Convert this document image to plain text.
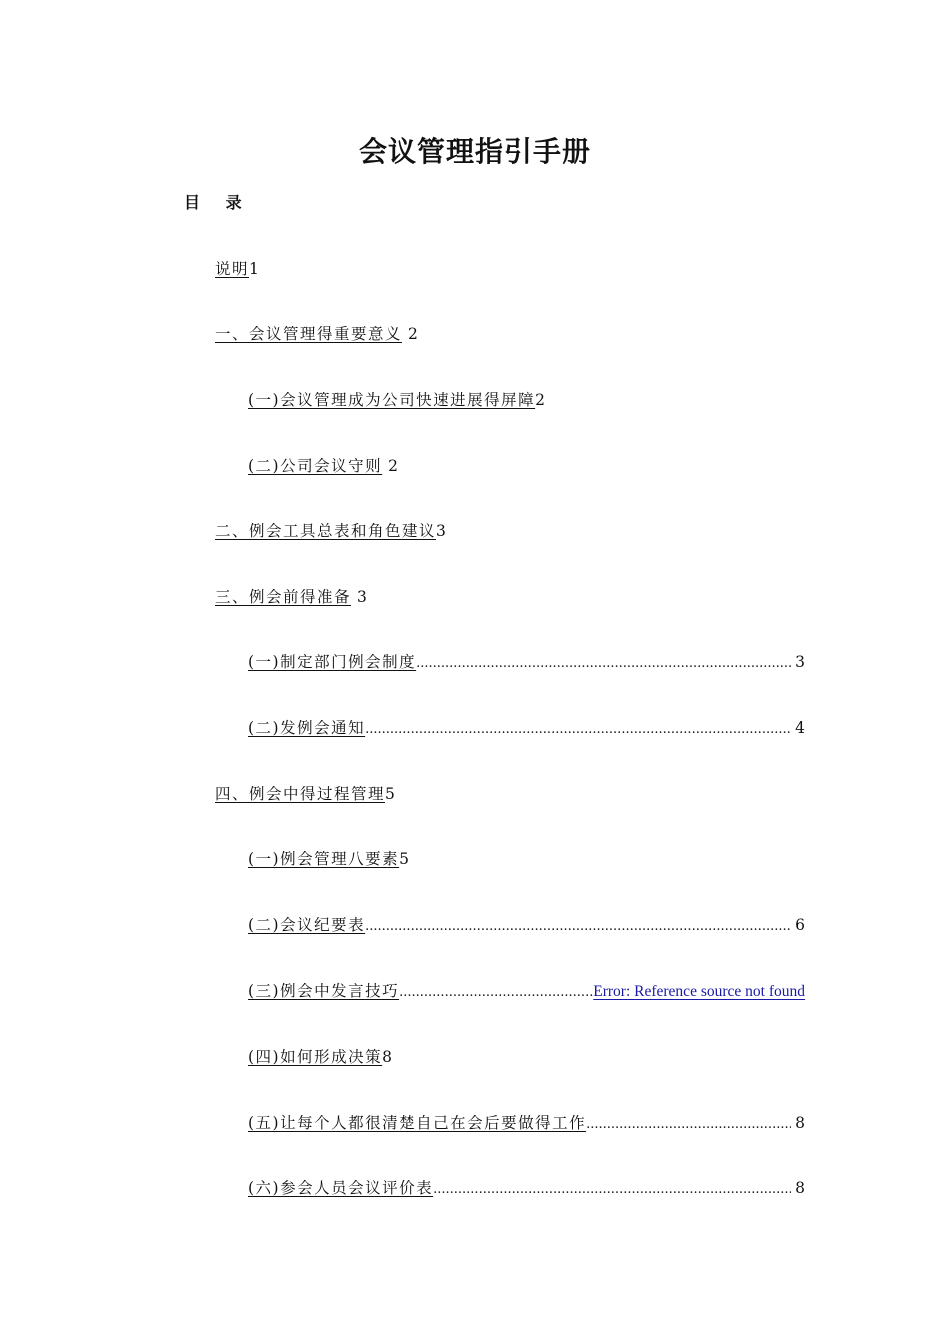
会议管理指引手册
目 录
说明 1
一、会议管理得重要意义 2
(一)会议管理成为公司快速进展得屏障 2
(二)公司会议守则 2
二、例会工具总表和角色建议 3
三、例会前得准备 3
(一)制定部门例会制度 .....	3
(二)发例会通知 .....	4
四、例会中得过程管理 5
(一)例会管理八要素 5
(二)会议纪要表 .....	6
(三)例会中发言技巧 .....	Error: Reference source not found
(四)如何形成决策 8
(五)让每个人都很清楚自己在会后要做得工作 .....	8
(六)参会人员会议评价表 .....	8
